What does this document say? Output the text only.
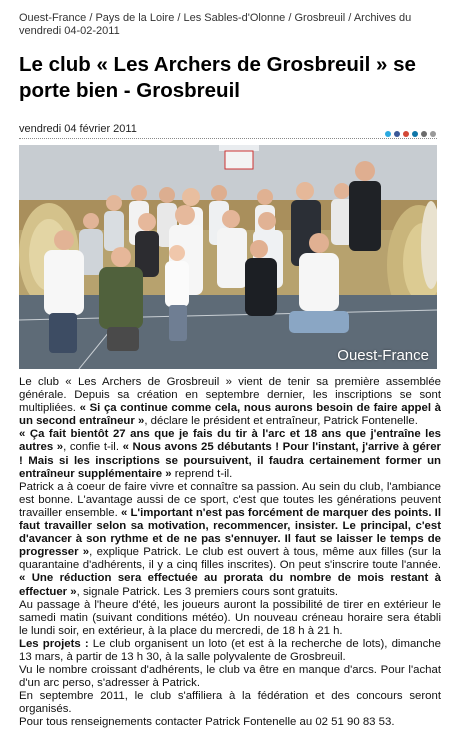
Ouest-France / Pays de la Loire / Les Sables-d'Olonne / Grosbreuil / Archives du vendredi 04-02-2011
Le club « Les Archers de Grosbreuil » se porte bien - Grosbreuil
vendredi 04 février 2011
Ouest-France

Le club « Les Archers de Grosbreuil » vient de tenir sa première assemblée générale. Depuis sa création en septembre dernier, les inscriptions se sont multipliées. « Si ça continue comme cela, nous aurons besoin de faire appel à un second entraîneur », déclare le président et entraîneur, Patrick Fontenelle.

« Ça fait bientôt 27 ans que je fais du tir à l'arc et 18 ans que j'entraîne les autres », confie t-il. « Nous avons 25 débutants ! Pour l'instant, j'arrive à gérer ! Mais si les inscriptions se poursuivent, il faudra certainement former un entraîneur supplémentaire » reprend t-il.

Patrick a à coeur de faire vivre et connaître sa passion. Au sein du club, l'ambiance est bonne. L'avantage aussi de ce sport, c'est que toutes les générations peuvent travailler ensemble. « L'important n'est pas forcément de marquer des points. Il faut travailler selon sa motivation, recommencer, insister. Le principal, c'est d'avancer à son rythme et de ne pas s'ennuyer. Il faut se laisser le temps de progresser », explique Patrick. Le club est ouvert à tous, même aux filles (sur la quarantaine d'adhérents, il y a cinq filles inscrites). On peut s'inscrire toute l'année. « Une réduction sera effectuée au prorata du nombre de mois restant à effectuer », signale Patrick. Les 3 premiers cours sont gratuits.

Au passage à l'heure d'été, les joueurs auront la possibilité de tirer en extérieur le samedi matin (suivant conditions météo). Un nouveau créneau horaire sera établi le lundi soir, en extérieur, à la place du mercredi, de 18 h à 21 h.

Les projets : Le club organisent un loto (et est à la recherche de lots), dimanche 13 mars, à partir de 13 h 30, à la salle polyvalente de Grosbreuil.

Vu le nombre croissant d'adhérents, le club va être en manque d'arcs. Pour l'achat d'un arc perso, s'adresser à Patrick.

En septembre 2011, le club s'affiliera à la fédération et des concours seront organisés.

Pour tous renseignements contacter Patrick Fontenelle au 02 51 90 83 53.
